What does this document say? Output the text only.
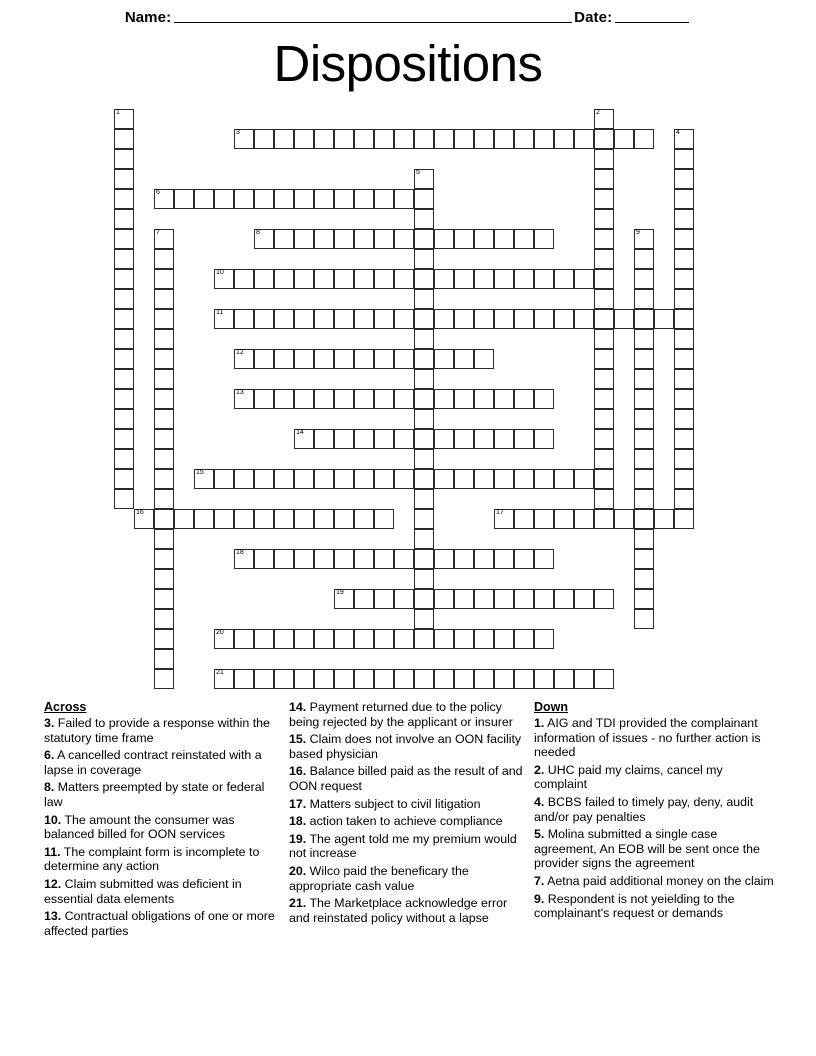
Name:	Date:
Dispositions
1	2
3	4
5
6
7	8	9
10
11
12
13
14
15
16	17
18
19
20
21
Across
3. Failed to provide a response within the statutory time frame
6. A cancelled contract reinstated with a lapse in coverage
8. Matters preempted by state or federal law
10. The amount the consumer was balanced billed for OON services
11. The complaint form is incomplete to determine any action
12. Claim submitted was deficient in essential data elements
13. Contractual obligations of one or more affected parties
14. Payment returned due to the policy being rejected by the applicant or insurer
15. Claim does not involve an OON facility based physician
16. Balance billed paid as the result of and OON request
17. Matters subject to civil litigation
18. action taken to achieve compliance
19. The agent told me my premium would not increase
20. Wilco paid the beneficary the appropriate cash value
21. The Marketplace acknowledge error and reinstated policy without a lapse
Down
1. AIG and TDI provided the complainant information of issues - no further action is needed
2. UHC paid my claims, cancel my complaint
4. BCBS failed to timely pay, deny, audit and/or pay penalties
5. Molina submitted a single case agreement, An EOB will be sent once the provider signs the agreement
7. Aetna paid additional money on the claim
9. Respondent is not yeielding to the complainant's request or demands
